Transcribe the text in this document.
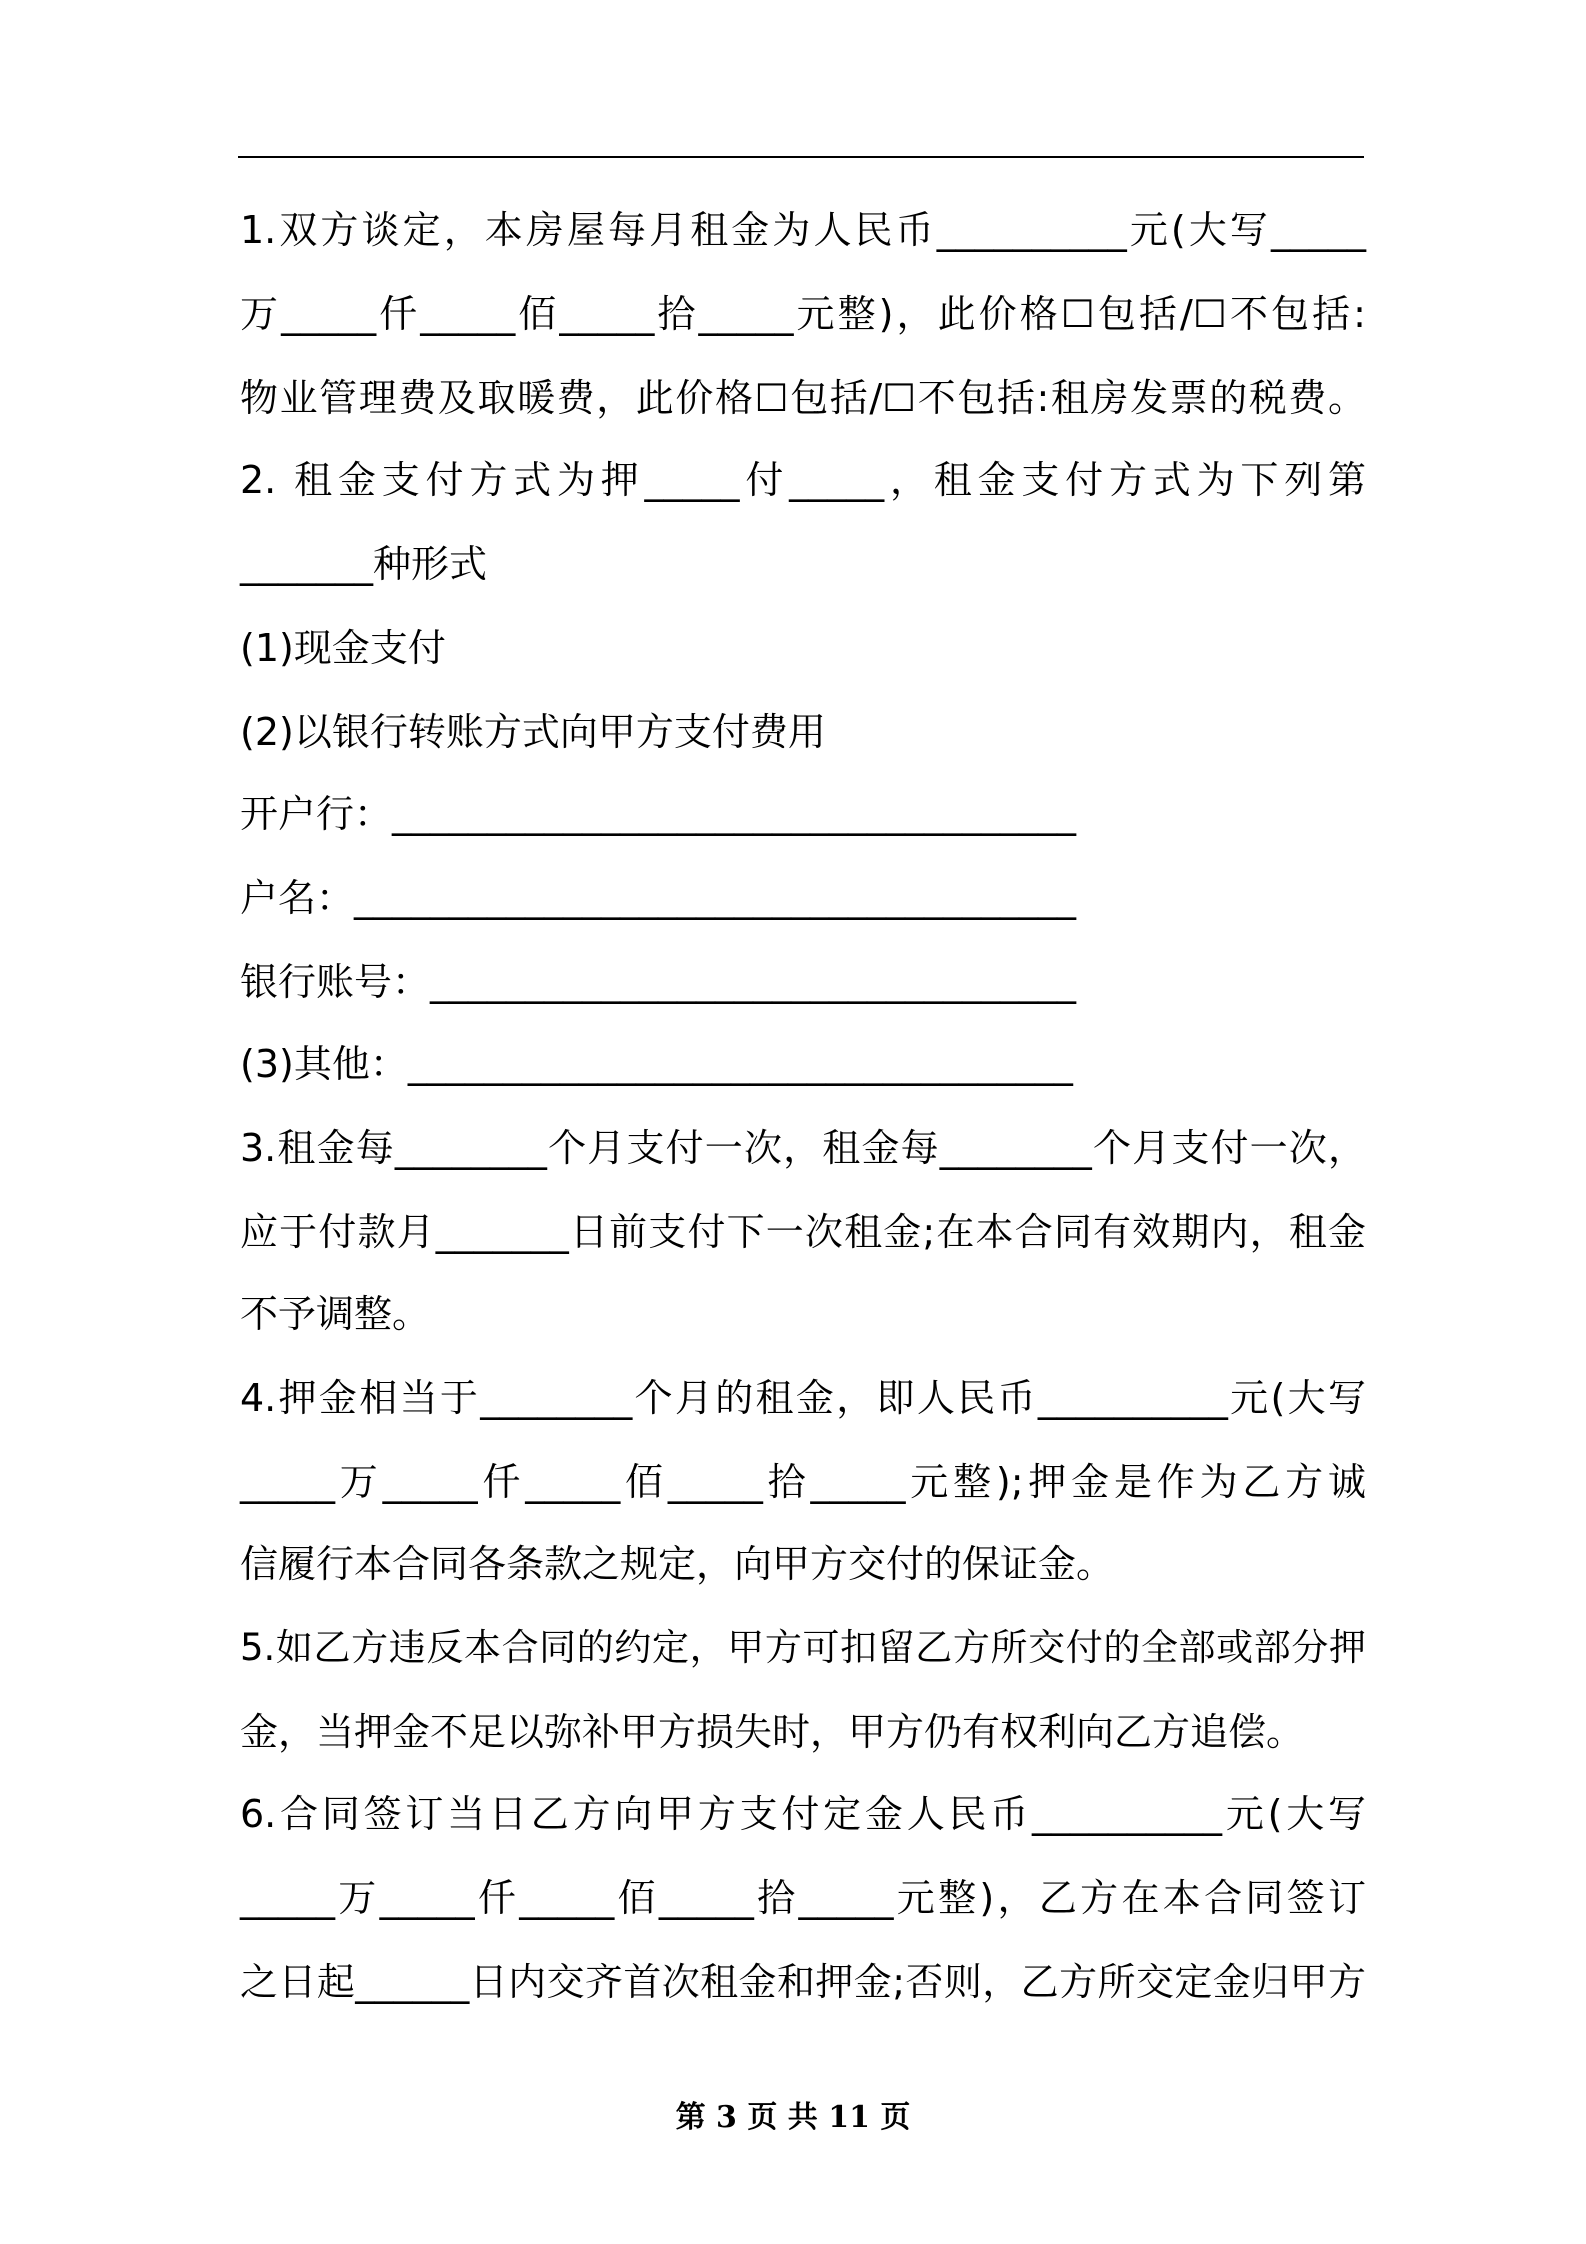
1.双方谈定，本房屋每月租金为人民币__________元(大写_____

万_____仟_____佰_____拾_____元整)，此价格☐包括/☐不包括:

物业管理费及取暖费，此价格☐包括/☐不包括:租房发票的税费。

2. 租金支付方式为押_____付_____，租金支付方式为下列第

_______种形式

(1)现金支付

(2)以银行转账方式向甲方支付费用

开户行：____________________________________

户名：______________________________________

银行账号：__________________________________

(3)其他：___________________________________

3.租金每________个月支付一次，租金每________个月支付一次，

应于付款月_______日前支付下一次租金;在本合同有效期内，租金

不予调整。

4.押金相当于________个月的租金，即人民币__________元(大写

_____万_____仟_____佰_____拾_____元整);押金是作为乙方诚

信履行本合同各条款之规定，向甲方交付的保证金。

5.如乙方违反本合同的约定，甲方可扣留乙方所交付的全部或部分押

金，当押金不足以弥补甲方损失时，甲方仍有权利向乙方追偿。

6.合同签订当日乙方向甲方支付定金人民币__________元(大写

_____万_____仟_____佰_____拾_____元整)，乙方在本合同签订

之日起______日内交齐首次租金和押金;否则，乙方所交定金归甲方

第 3 页 共 11 页
